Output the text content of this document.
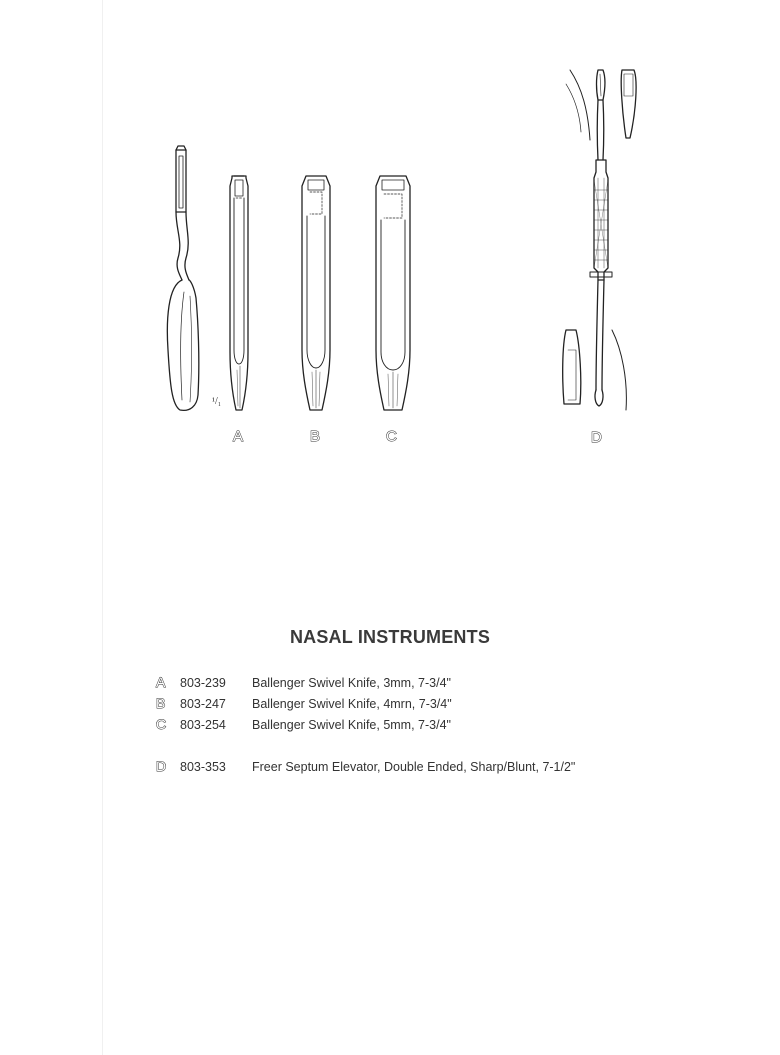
¹/₁
A	B	C	D
NASAL INSTRUMENTS
A 803-239 Ballenger Swivel Knife, 3mm, 7-3/4"
B 803-247 Ballenger Swivel Knife, 4mrn, 7-3/4"
C 803-254 Ballenger Swivel Knife, 5mm, 7-3/4"
D 803-353 Freer Septum Elevator, Double Ended, Sharp/Blunt, 7-1/2"
